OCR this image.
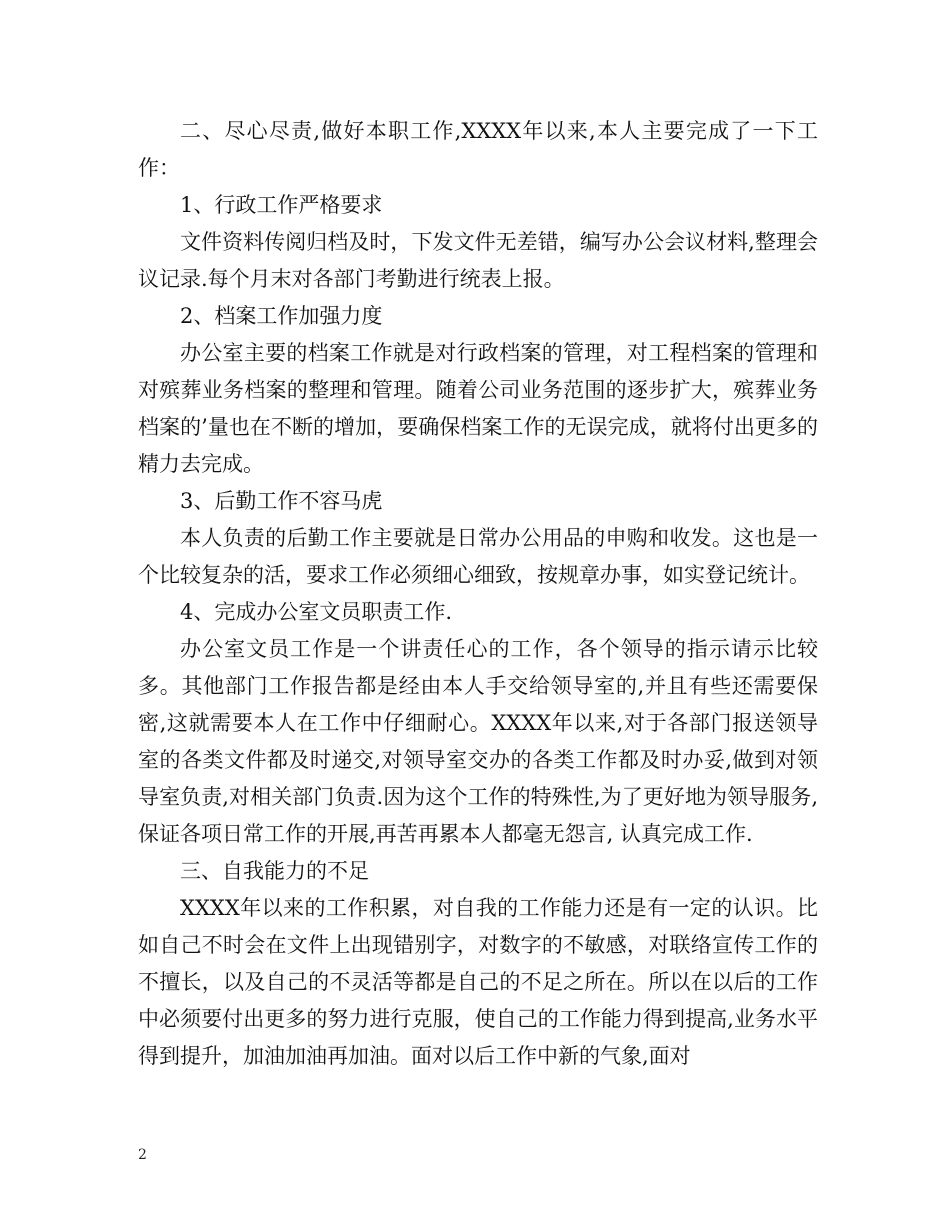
二、尽心尽责,做好本职工作,XXXX年以来,本人主要完成了一下工作：

1、行政工作严格要求

文件资料传阅归档及时，下发文件无差错，编写办公会议材料,整理会议记录.每个月末对各部门考勤进行统表上报。

2、档案工作加强力度

办公室主要的档案工作就是对行政档案的管理，对工程档案的管理和对殡葬业务档案的整理和管理。随着公司业务范围的逐步扩大，殡葬业务档案的’量也在不断的增加，要确保档案工作的无误完成，就将付出更多的精力去完成。

3、后勤工作不容马虎

本人负责的后勤工作主要就是日常办公用品的申购和收发。这也是一个比较复杂的活，要求工作必须细心细致，按规章办事，如实登记统计。

4、完成办公室文员职责工作.

办公室文员工作是一个讲责任心的工作，各个领导的指示请示比较多。其他部门工作报告都是经由本人手交给领导室的,并且有些还需要保密,这就需要本人在工作中仔细耐心。XXXX年以来,对于各部门报送领导室的各类文件都及时递交,对领导室交办的各类工作都及时办妥,做到对领导室负责,对相关部门负责.因为这个工作的特殊性,为了更好地为领导服务,保证各项日常工作的开展,再苦再累本人都毫无怨言, 认真完成工作.

三、自我能力的不足

XXXX年以来的工作积累，对自我的工作能力还是有一定的认识。比如自己不时会在文件上出现错别字，对数字的不敏感，对联络宣传工作的不擅长，以及自己的不灵活等都是自己的不足之所在。所以在以后的工作中必须要付出更多的努力进行克服，使自己的工作能力得到提高,业务水平得到提升，加油加油再加油。面对以后工作中新的气象,面对

2
